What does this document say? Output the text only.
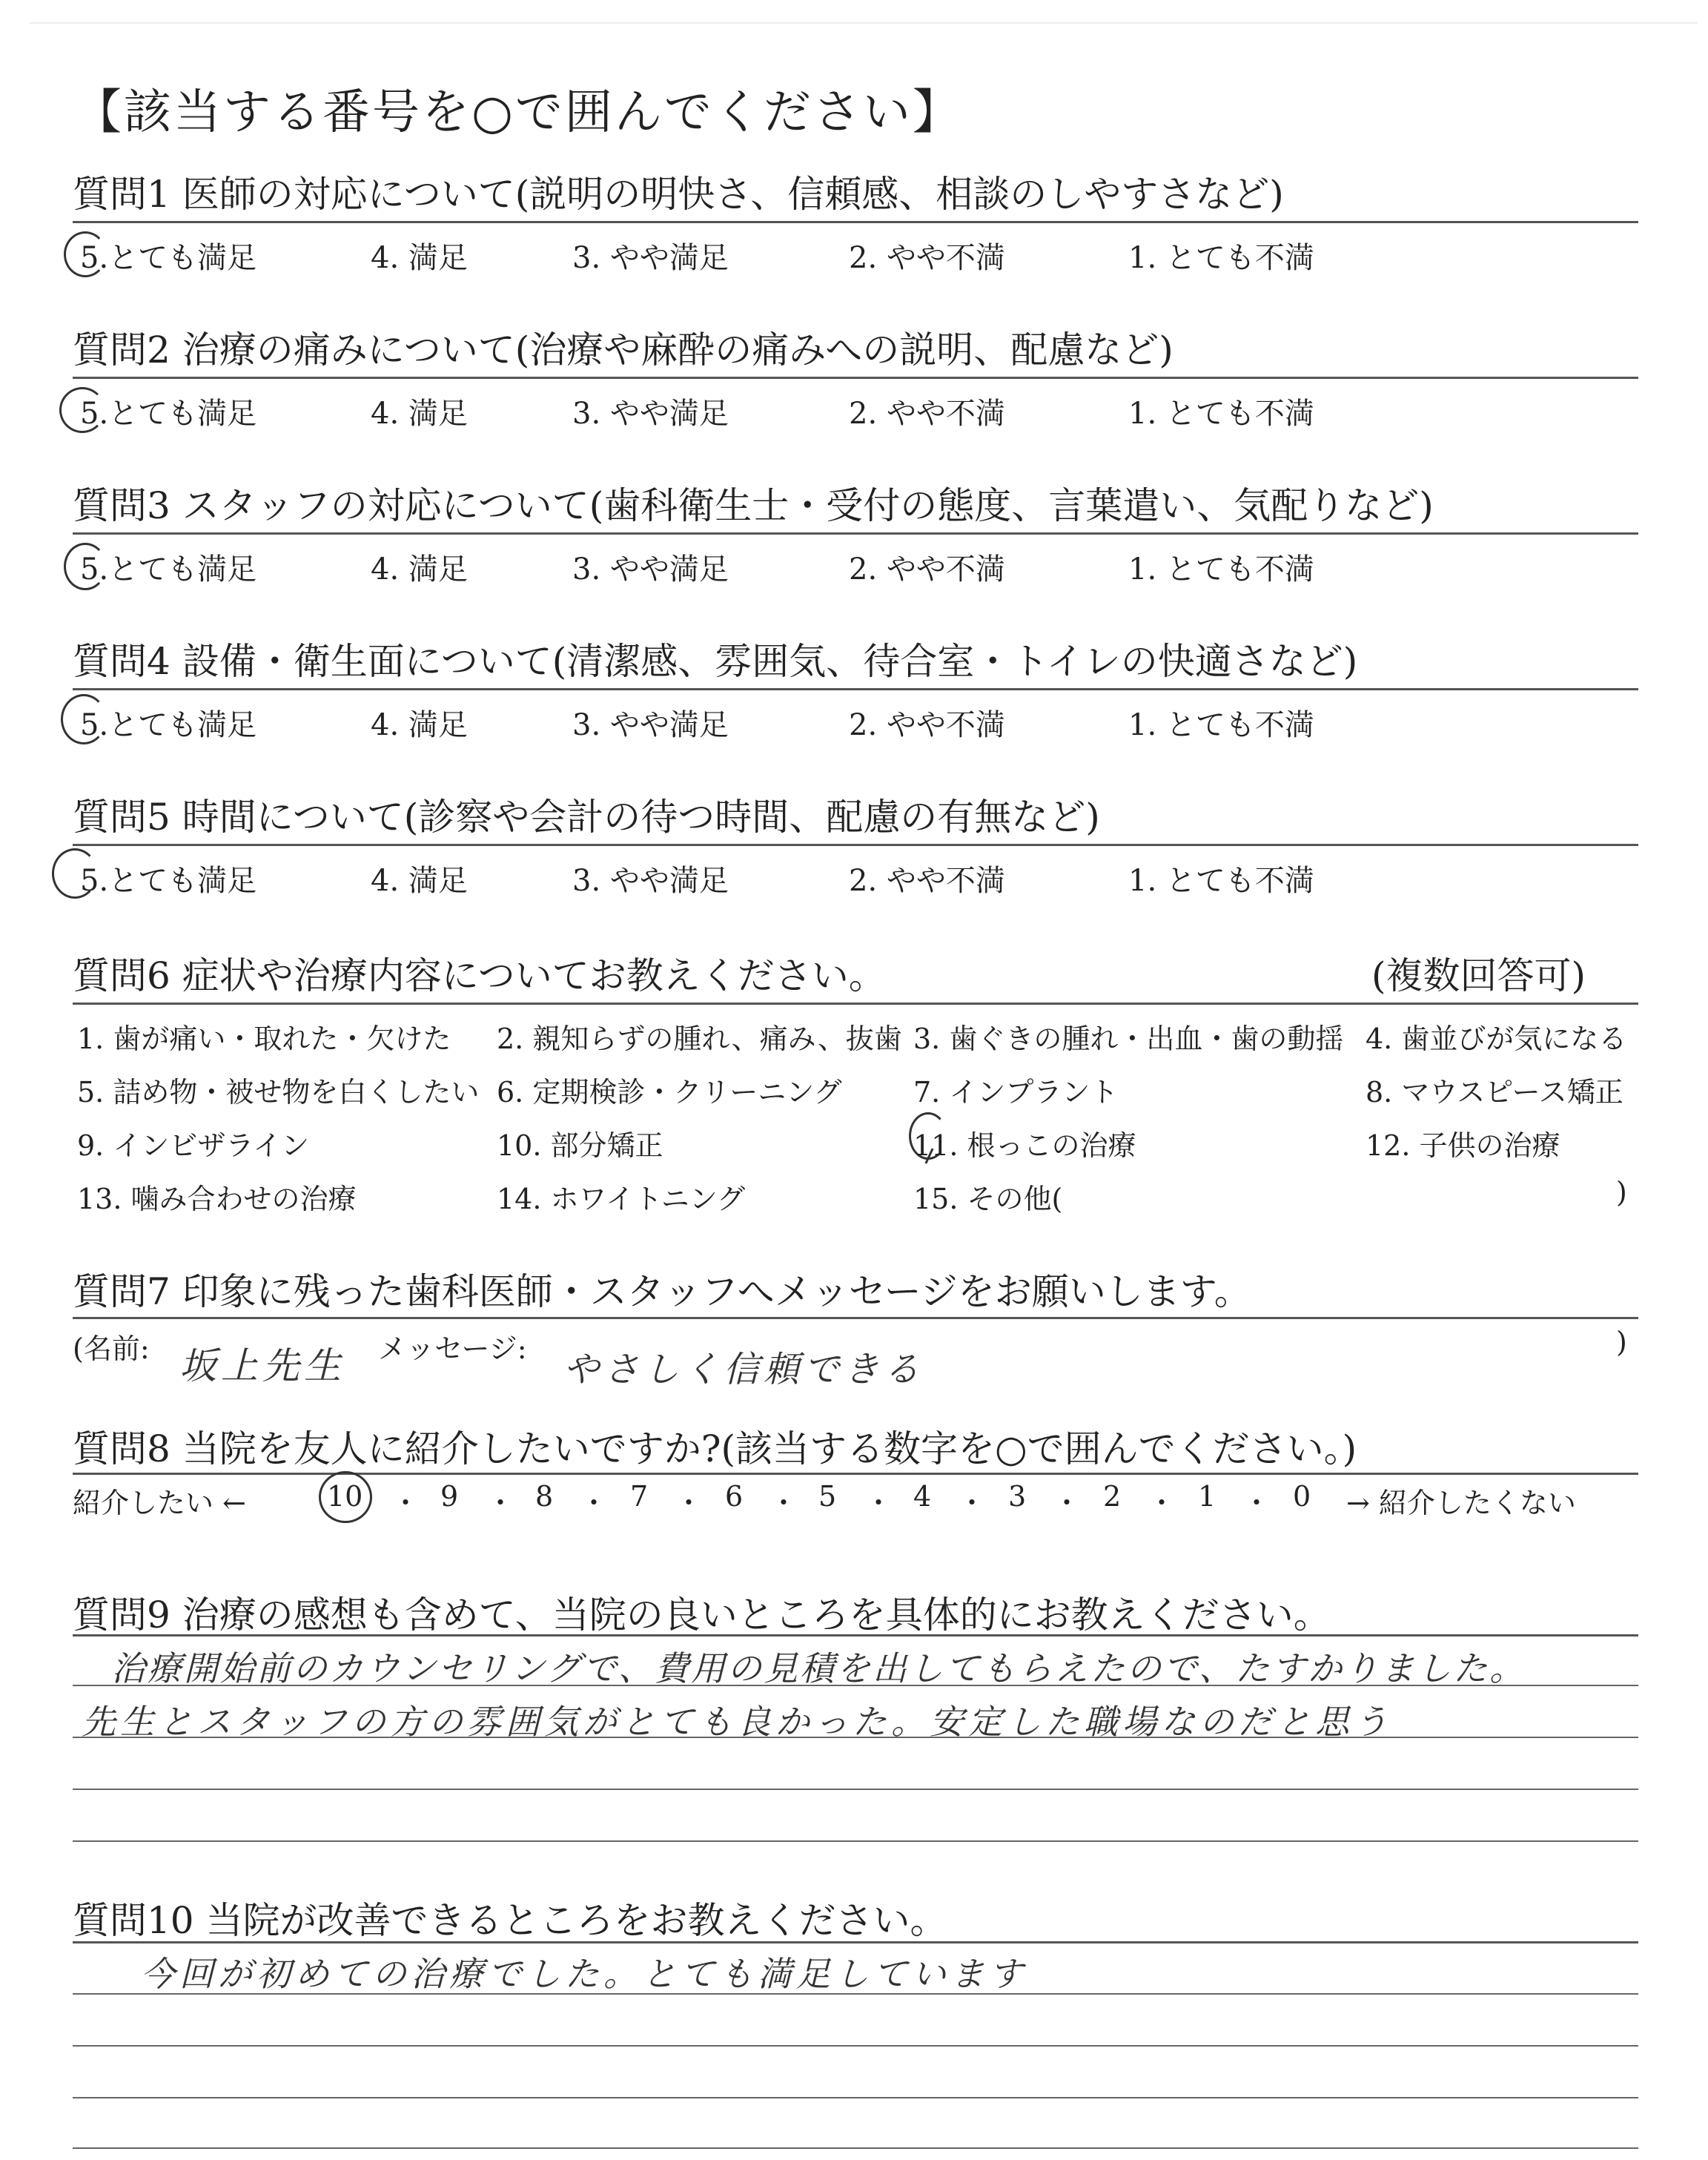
【該当する番号を○で囲んでください】
質問1 医師の対応について(説明の明快さ、信頼感、相談のしやすさなど)
5.とても満足	4. 満足	3. やや満足	2. やや不満	1. とても不満
質問2 治療の痛みについて(治療や麻酔の痛みへの説明、配慮など)
5.とても満足	4. 満足	3. やや満足	2. やや不満	1. とても不満
質問3 スタッフの対応について(歯科衛生士・受付の態度、言葉遣い、気配りなど)
5.とても満足	4. 満足	3. やや満足	2. やや不満	1. とても不満
質問4 設備・衛生面について(清潔感、雰囲気、待合室・トイレの快適さなど)
5.とても満足	4. 満足	3. やや満足	2. やや不満	1. とても不満
質問5 時間について(診察や会計の待つ時間、配慮の有無など)
5.とても満足	4. 満足	3. やや満足	2. やや不満	1. とても不満
質問6 症状や治療内容についてお教えください。	(複数回答可)
1. 歯が痛い・取れた・欠けた 2. 親知らずの腫れ、痛み、抜歯 3. 歯ぐきの腫れ・出血・歯の動揺 4. 歯並びが気になる
5. 詰め物・被せ物を白くしたい 6. 定期検診・クリーニング	7. インプラント	8. マウスピース矯正
9. インビザライン	10. 部分矯正	11. 根っこの治療	12. 子供の治療
13. 噛み合わせの治療	14. ホワイトニング	15. その他(	)
質問7 印象に残った歯科医師・スタッフへメッセージをお願いします。
(名前: 坂上先生 メッセージ: やさしく信頼できる
)
質問8 当院を友人に紹介したいですか?(該当する数字を○で囲んでください。)
紹介したい ←	10 ・ 9 ・ 8 ・ 7 ・ 6 ・ 5 ・ 4 ・ 3 ・ 2 ・ 1 ・ 0 → 紹介したくない
質問9 治療の感想も含めて、当院の良いところを具体的にお教えください。
治療開始前のカウンセリングで、費用の見積を出してもらえたので、たすかりました。
先生とスタッフの方の雰囲気がとても良かった。安定した職場なのだと思う
質問10 当院が改善できるところをお教えください。
今回が初めての治療でした。とても満足しています
